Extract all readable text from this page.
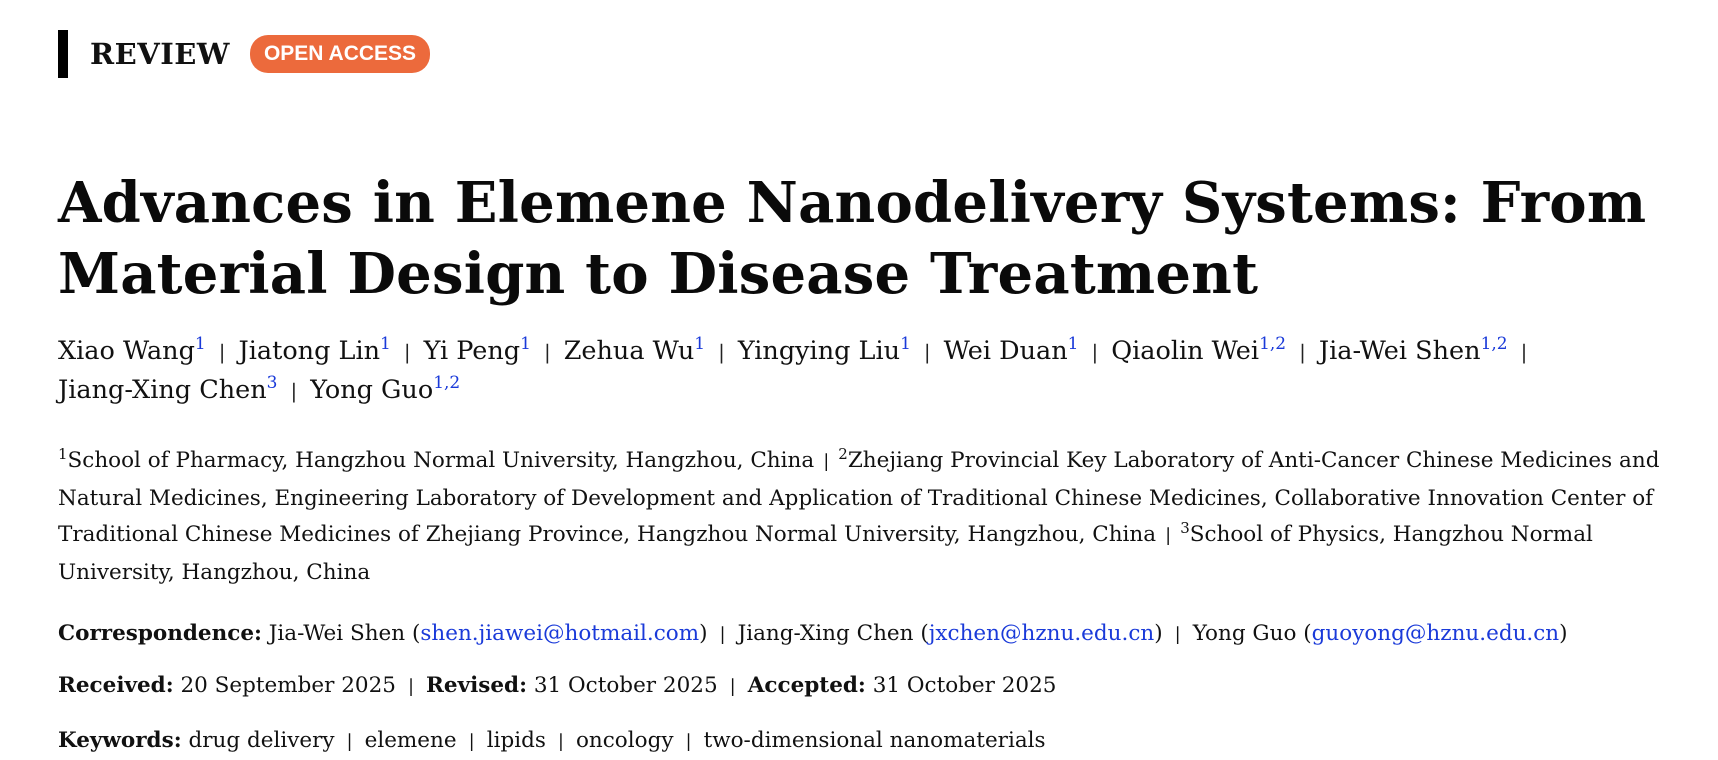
REVIEW	OPEN ACCESS
Advances in Elemene Nanodelivery Systems: From
Material Design to Disease Treatment
Xiao Wang$^1$ | Jiatong Lin$^1$ | Yi Peng$^1$ | Zehua Wu$^1$ | Yingying Liu$^1$ | Wei Duan$^1$ | Qiaolin Wei$^{1,2}$ | Jia-Wei Shen$^{1,2}$ |
Jiang-Xing Chen$^3$ | Yong Guo$^{1,2}$
$^1$School of Pharmacy, Hangzhou Normal University, Hangzhou, China | $^2$Zhejiang Provincial Key Laboratory of Anti-Cancer Chinese Medicines and Natural Medicines, Engineering Laboratory of Development and Application of Traditional Chinese Medicines, Collaborative Innovation Center of Traditional Chinese Medicines of Zhejiang Province, Hangzhou Normal University, Hangzhou, China | $^3$School of Physics, Hangzhou Normal University, Hangzhou, China
Correspondence: Jia-Wei Shen (shen.jiawei@hotmail.com) | Jiang-Xing Chen (jxchen@hznu.edu.cn) | Yong Guo (guoyong@hznu.edu.cn)
Received: 20 September 2025 | Revised: 31 October 2025 | Accepted: 31 October 2025
Keywords: drug delivery | elemene | lipids | oncology | two-dimensional nanomaterials
